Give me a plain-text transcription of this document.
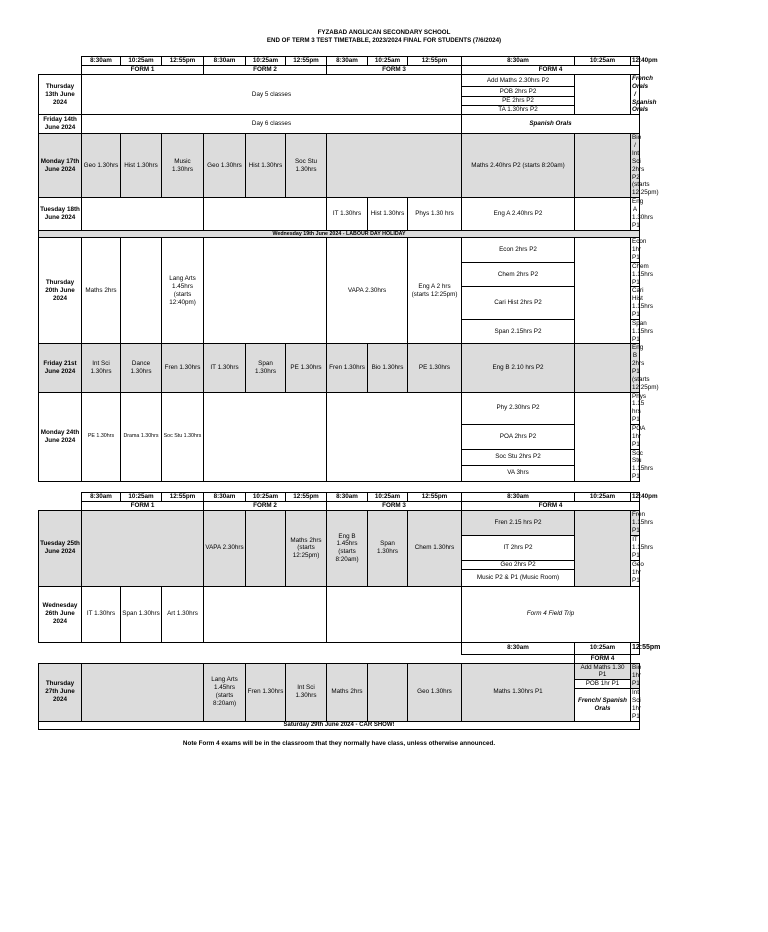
FYZABAD ANGLICAN SECONDARY SCHOOL
END OF TERM 3 TEST TIMETABLE, 2023/2024 FINAL FOR STUDENTS (7/6/2024)
	8:30am	10:25am	12:55pm	8:30am	10:25am	12:55pm	8:30am	10:25am	12:55pm	8:30am	10:25am	12:40pm
	FORM 1			FORM 2			FORM 3			FORM 4		
Thursday 13th June 2024	Day 5 classes									Add Maths 2.30hrs P2		French Orals / Spanish Orals
										POB 2hrs P2		
										PE 2hrs P2		
										TA 1.30hrs P2		
Friday 14th June 2024	Day 6 classes									Spanish Orals		
Monday 17th June 2024	Geo 1.30hrs	Hist 1.30hrs	Music 1.30hrs	Geo 1.30hrs	Hist 1.30hrs	Soc Stu 1.30hrs				Maths 2.40hrs P2 (starts 8:20am)		Bio / Int Sci 2hrs P2 (starts 12.25pm)
Tuesday 18th June 2024							IT 1.30hrs	Hist 1.30hrs	Phys 1.30 hrs	Eng A 2.40hrs P2		Eng A 1.30hrs P1
Wednesday 19th June 2024 - LABOUR DAY HOLIDAY												
Thursday 20th June 2024	Maths 2hrs		Lang Arts 1.45hrs (starts 12:40pm)				VAPA 2.30hrs		Eng A 2 hrs (starts 12:25pm)	Econ 2hrs P2		Econ 1hr P1
										Chem 2hrs P2		Chem 1.15hrs P1
										Cari Hist 2hrs P2		Cari Hist 1.15hrs P1
										Span 2.15hrs P2		Span 1.15hrs P1
Friday 21st June 2024	Int Sci 1.30hrs	Dance 1.30hrs	Fren 1.30hrs	IT 1.30hrs	Span 1.30hrs	PE 1.30hrs	Fren 1.30hrs	Bio 1.30hrs	PE 1.30hrs	Eng B 2.10 hrs P2		Eng B 2hrs P1 (starts 12:25pm)
Monday 24th June 2024	PE 1.30hrs	Drama 1.30hrs	Soc Stu 1.30hrs							Phy 2.30hrs P2		Phys 1.15 hrs P1
										POA 2hrs P2		POA 1hr P1
										Soc Stu 2hrs P2		Soc Stu 1.15hrs P1
										VA 3hrs		
	8:30am	10:25am	12:55pm	8:30am	10:25am	12:55pm	8:30am	10:25am	12:55pm	8:30am	10:25am	12:40pm
	FORM 1			FORM 2			FORM 3			FORM 4		
Tuesday 25th June 2024				VAPA 2.30hrs		Maths 2hrs (starts 12:25pm)	Eng B 1.45hrs (starts 8:20am)	Span 1.30hrs	Chem 1.30hrs	Fren 2.15 hrs P2		Fren 1.15hrs P1
										IT 2hrs P2		IT 1.15hrs P1
										Geo 2hrs P2		Geo 1hr P1
										Music P2 & P1 (Music Room)		
Wednesday 26th June 2024	IT 1.30hrs	Span 1.30hrs	Art 1.30hrs							Form 4 Field Trip		
										8:30am	10:25am	12:55pm
											FORM 4	
Thursday 27th June 2024				Lang Arts 1.45hrs (starts 8:20am)	Fren 1.30hrs	Int Sci 1.30hrs	Maths 2hrs		Geo 1.30hrs	Maths 1.30hrs P1	Add Maths 1.30 P1	Bio 1hr P1
											POB 1hr P1	
											French/ Spanish Orals	Int Sci 1hr P1
Saturday 29th June 2024 - CAR SHOW!												
Note Form 4 exams will be in the classroom that they normally have class, unless otherwise announced.
